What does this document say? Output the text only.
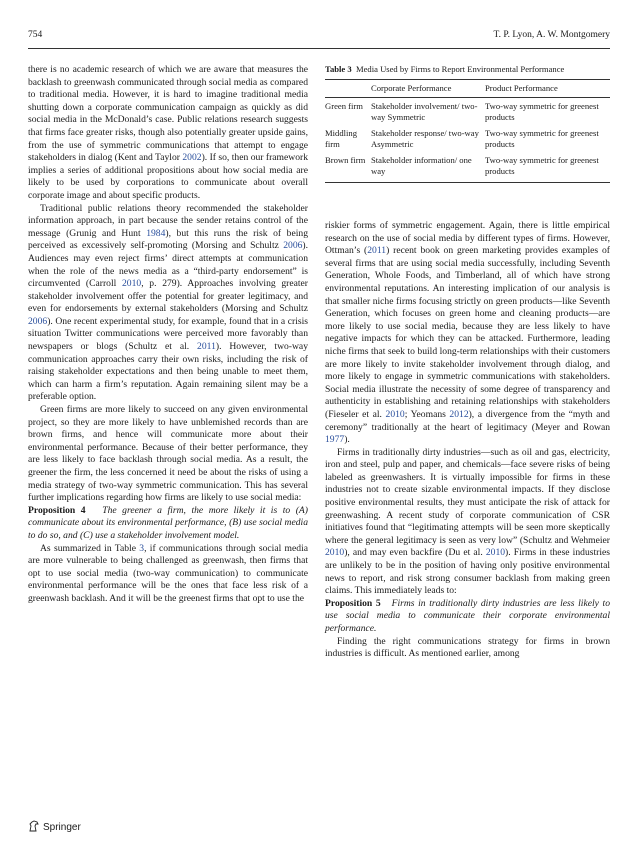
754	T. P. Lyon, A. W. Montgomery

there is no academic research of which we are aware that measures the backlash to greenwash communicated through social media as compared to traditional media. However, it is hard to imagine traditional media shutting down a corporate communication campaign as quickly as did social media in the McDonald’s case. Public relations research suggests that firms face greater risks, though also potentially greater upside gains, from the use of symmetric communications that attempt to engage stakeholders in dialog (Kent and Taylor 2002). If so, then our framework implies a series of additional propositions about how social media are likely to be used by corporations to communicate about overall corporate image and about specific products.

Traditional public relations theory recommended the stakeholder information approach, in part because the sender retains control of the message (Grunig and Hunt 1984), but this runs the risk of being perceived as excessively self-promoting (Morsing and Schultz 2006). Audiences may even reject firms’ direct attempts at communication when the role of the news media as a “third-party endorsement” is circumvented (Carroll 2010, p. 279). Approaches involving greater stakeholder involvement offer the potential for greater legitimacy, and even for endorsements by external stakeholders (Morsing and Schultz 2006). One recent experimental study, for example, found that in a crisis situation Twitter communications were perceived more favorably than newspapers or blogs (Schultz et al. 2011). However, two-way communication approaches carry their own risks, including the risk of raising stakeholder expectations and then being unable to meet them, which can harm a firm’s reputation. Again remaining silent may be a preferable option.

Green firms are more likely to succeed on any given environmental project, so they are more likely to have unblemished records than are brown firms, and hence will communicate more about their environmental performance. Because of their better performance, they are less likely to face backlash through social media. As a result, the greener the firm, the less concerned it need be about the risks of using a media strategy of two-way symmetric communication. This has several further implications regarding how firms are likely to use social media:

Proposition 4 The greener a firm, the more likely it is to (A) communicate about its environmental performance, (B) use social media to do so, and (C) use a stakeholder involvement model.

As summarized in Table 3, if communications through social media are more vulnerable to being challenged as greenwash, then firms that opt to use social media (two-way communication) to communicate environmental performance will be the ones that face less risk of a greenwash backlash. And it will be the greenest firms that opt to use the

Table 3 Media Used by Firms to Report Environmental Performance
	Corporate Performance	Product Performance
Green firm	Stakeholder involvement/ two-way Symmetric	Two-way symmetric for greenest products
Middling firm	Stakeholder response/ two-way Asymmetric	Two-way symmetric for greenest products
Brown firm	Stakeholder information/ one way	Two-way symmetric for greenest products

riskier forms of symmetric engagement. Again, there is little empirical research on the use of social media by different types of firms. However, Ottman’s (2011) recent book on green marketing provides examples of several firms that are using social media successfully, including Seventh Generation, Whole Foods, and Timberland, all of which have strong environmental reputations. An interesting implication of our analysis is that smaller niche firms focusing strictly on green products—like Seventh Generation, which focuses on green home and cleaning products—are more likely to use social media, because they are less likely to have negative impacts for which they can be attacked. Furthermore, leading niche firms that seek to build long-term relationships with their customers are more likely to invite stakeholder involvement through dialog, and more likely to engage in symmetric communications with stakeholders. Social media illustrate the necessity of some degree of transparency and authenticity in establishing and retaining relationships with stakeholders (Fieseler et al. 2010; Yeomans 2012), a divergence from the “myth and ceremony” traditionally at the heart of legitimacy (Meyer and Rowan 1977).

Firms in traditionally dirty industries—such as oil and gas, electricity, iron and steel, pulp and paper, and chemicals—face severe risks of being labeled as greenwashers. It is virtually impossible for firms in these industries not to create sizable environmental impacts. If they disclose positive environmental results, they must anticipate the risk of attack for greenwashing. A recent study of corporate communication of CSR initiatives found that “legitimating attempts will be seen more skeptically where the general legitimacy is seen as very low” (Schultz and Wehmeier 2010), and may even backfire (Du et al. 2010). Firms in these industries are unlikely to be in the position of having only positive environmental news to report, and risk strong consumer backlash from making green claims. This immediately leads to:

Proposition 5 Firms in traditionally dirty industries are less likely to use social media to communicate their corporate environmental performance.

Finding the right communications strategy for firms in brown industries is difficult. As mentioned earlier, among

Springer
